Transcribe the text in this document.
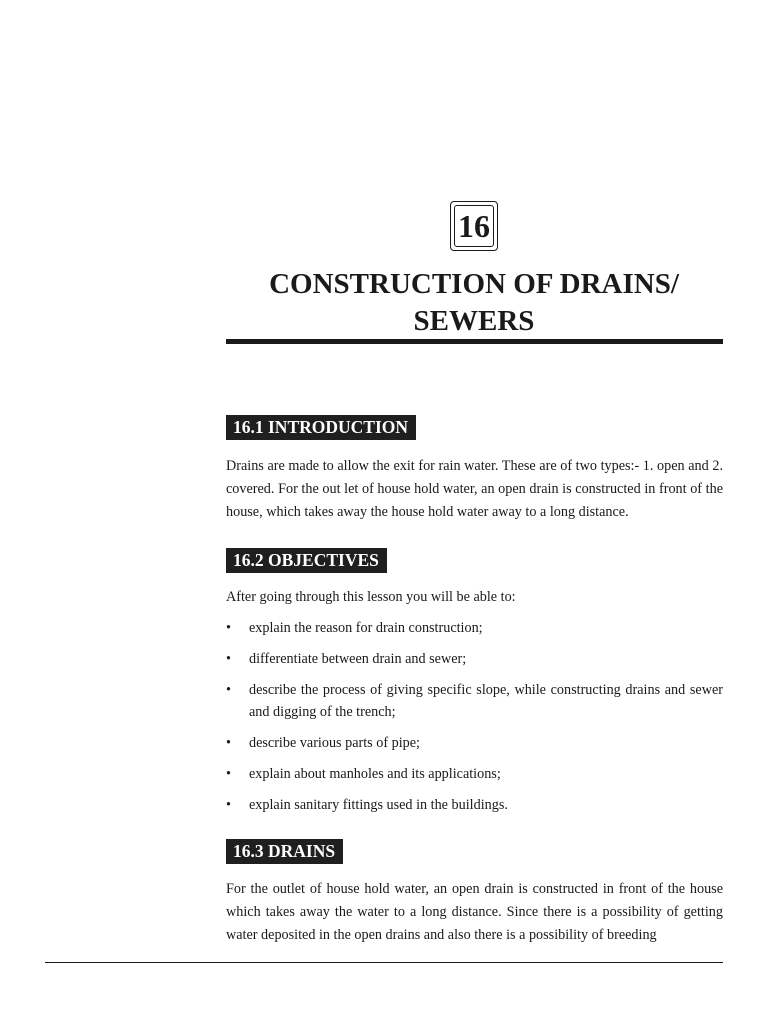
16
CONSTRUCTION OF DRAINS/ SEWERS
16.1 INTRODUCTION

Drains are made to allow the exit for rain water. These are of two types:- 1. open and 2. covered. For the out let of house hold water, an open drain is constructed in front of the house, which takes away the house hold water away to a long distance.

16.2 OBJECTIVES

After going through this lesson you will be able to:

• explain the reason for drain construction;
• differentiate between drain and sewer;
• describe the process of giving specific slope, while constructing drains and sewer and digging of the trench;
• describe various parts of pipe;
• explain about manholes and its applications;
• explain sanitary fittings used in the buildings.
16.3 DRAINS

For the outlet of house hold water, an open drain is constructed in front of the house which takes away the water to a long distance. Since there is a possibility of getting water deposited in the open drains and also there is a possibility of breeding
